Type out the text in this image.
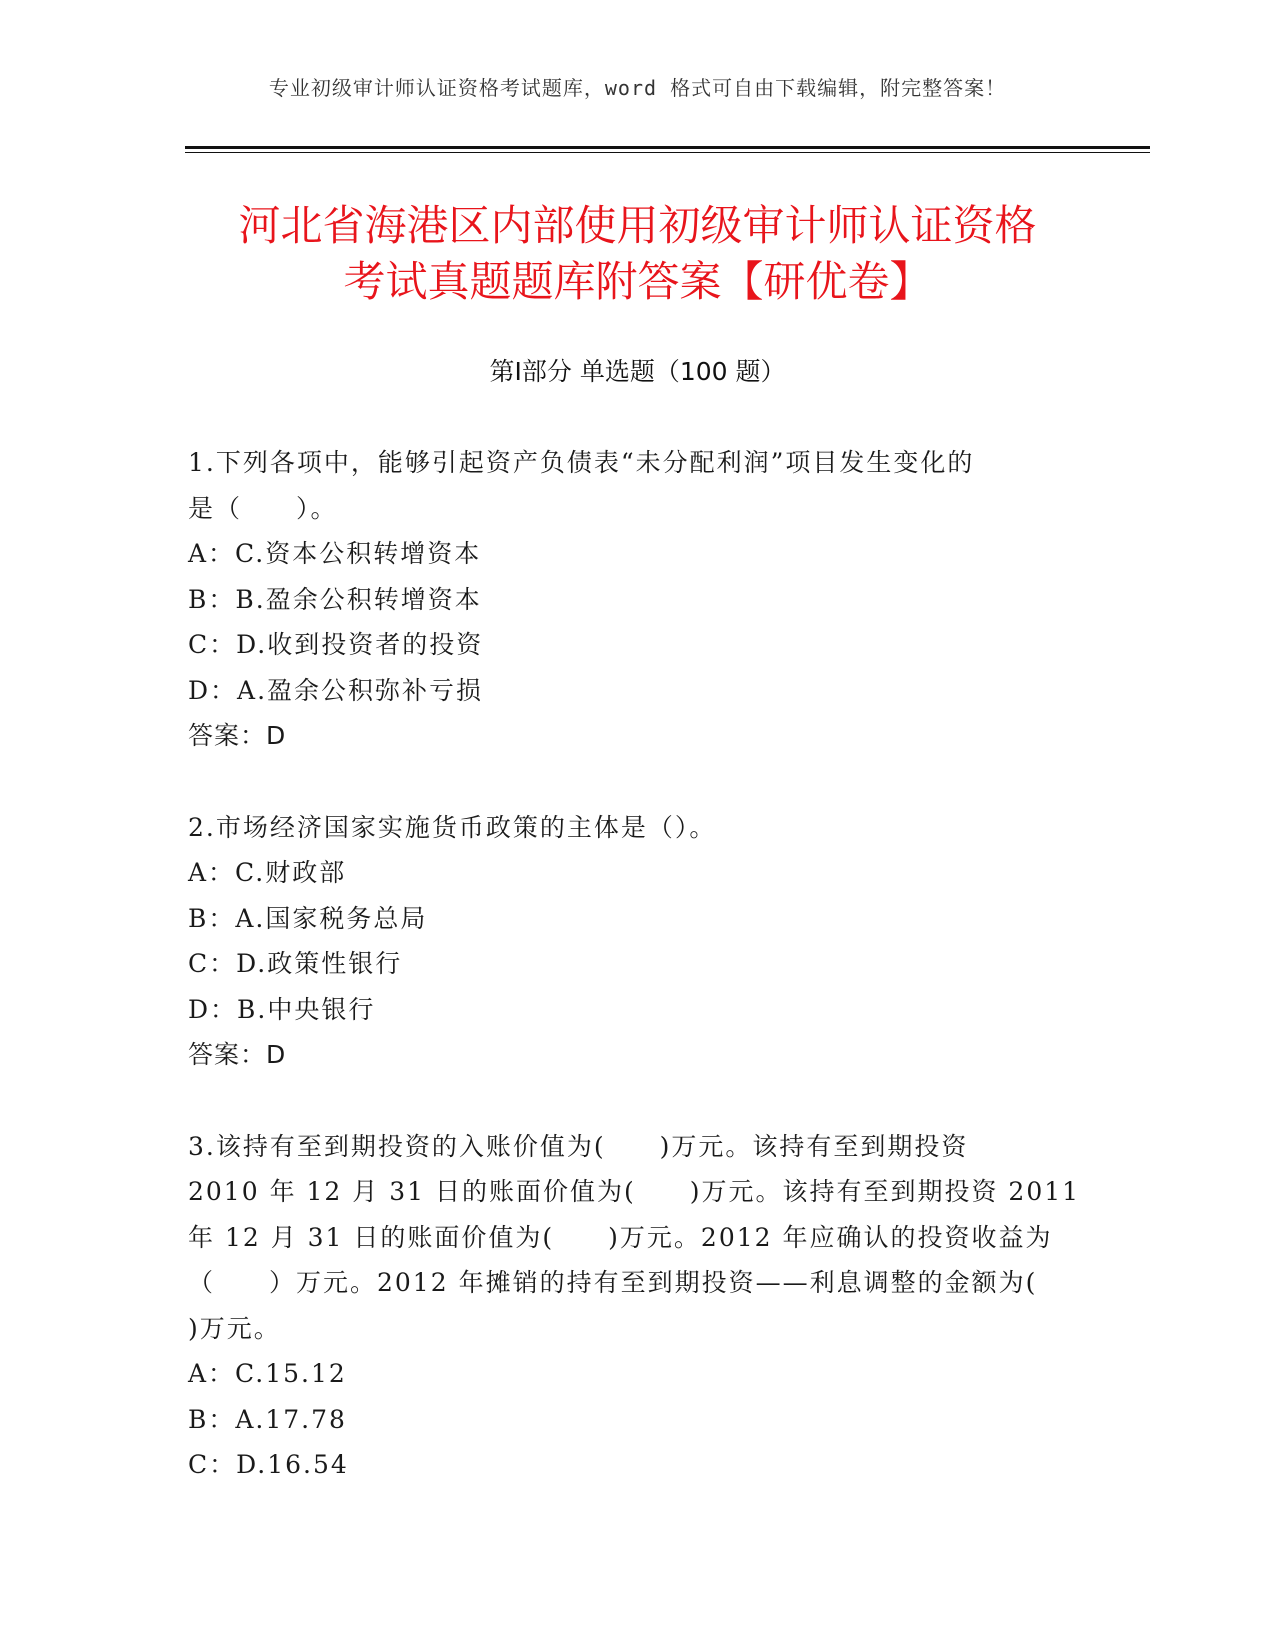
专业初级审计师认证资格考试题库，word 格式可自由下载编辑，附完整答案！
河北省海港区内部使用初级审计师认证资格
考试真题题库附答案【研优卷】
第Ⅰ部分 单选题（100 题）
1.下列各项中，能够引起资产负债表“未分配利润”项目发生变化的
是（　　）。
A：C.资本公积转增资本
B：B.盈余公积转增资本
C：D.收到投资者的投资
D：A.盈余公积弥补亏损
答案：D
2.市场经济国家实施货币政策的主体是（）。
A：C.财政部
B：A.国家税务总局
C：D.政策性银行
D：B.中央银行
答案：D
3.该持有至到期投资的入账价值为(　　)万元。该持有至到期投资
2010 年 12 月 31 日的账面价值为(　　)万元。该持有至到期投资 2011
年 12 月 31 日的账面价值为(　　)万元。2012 年应确认的投资收益为
（　　）万元。2012 年摊销的持有至到期投资——利息调整的金额为(
)万元。
A：C.15.12
B：A.17.78
C：D.16.54
